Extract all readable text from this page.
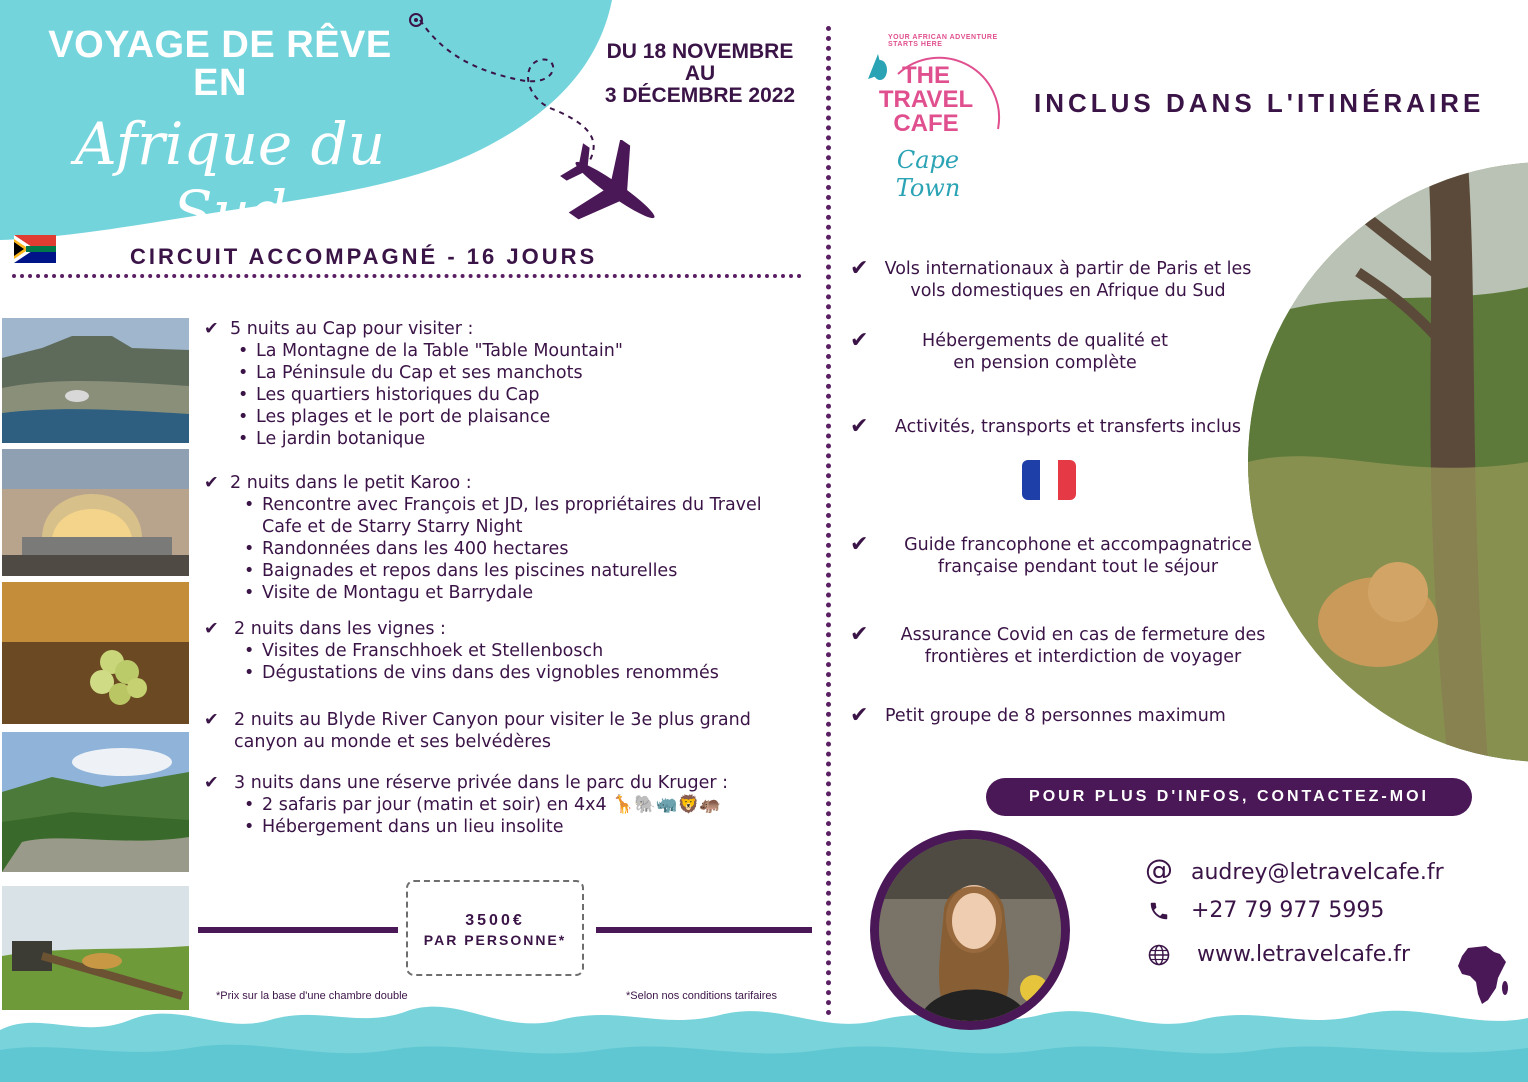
VOYAGE DE RÊVE
EN
Afrique du Sud
DU 18 NOVEMBRE
AU
3 DÉCEMBRE 2022
CIRCUIT ACCOMPAGNÉ - 16 JOURS
✔ 5 nuits au Cap pour visiter :
• La Montagne de la Table "Table Mountain"
• La Péninsule du Cap et ses manchots
• Les quartiers historiques du Cap
• Les plages et le port de plaisance
• Le jardin botanique
✔ 2 nuits dans le petit Karoo :
• Rencontre avec François et JD, les propriétaires du Travel Cafe et de Starry Starry Night
• Randonnées dans les 400 hectares
• Baignades et repos dans les piscines naturelles
• Visite de Montagu et Barrydale
✔ 2 nuits dans les vignes :
• Visites de Franschhoek et Stellenbosch
• Dégustations de vins dans des vignobles renommés
✔ 2 nuits au Blyde River Canyon pour visiter le 3e plus grand canyon au monde et ses belvédères
✔ 3 nuits dans une réserve privée dans le parc du Kruger :
• 2 safaris par jour (matin et soir) en 4x4 🦒🐘🦏🦁🦛
• Hébergement dans un lieu insolite
3500€
PAR PERSONNE*
*Prix sur la base d'une chambre double	*Selon nos conditions tarifaires
YOUR AFRICAN ADVENTURE STARTS HERE
THE
TRAVEL
CAFE
Cape Town
INCLUS DANS L'ITINÉRAIRE
✔ Vols internationaux à partir de Paris et les vols domestiques en Afrique du Sud
✔	Hébergements de qualité et en pension complète
✔	Activités, transports et transferts inclus
✔	Guide francophone et accompagnatrice française pendant tout le séjour
✔	Assurance Covid en cas de fermeture des frontières et interdiction de voyager
✔ Petit groupe de 8 personnes maximum
POUR PLUS D'INFOS, CONTACTEZ-MOI
@ audrey@letravelcafe.fr
+27 79 977 5995
www.letravelcafe.fr
